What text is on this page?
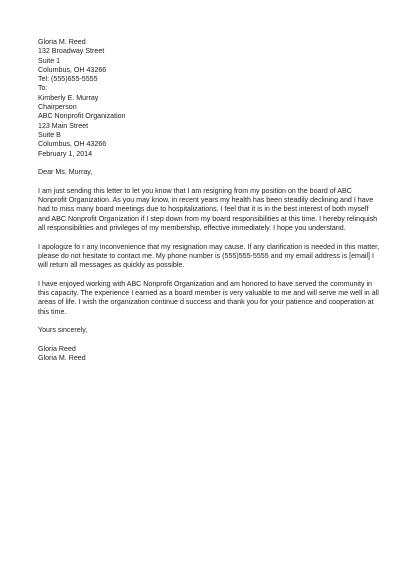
Gloria M. Reed
132 Broadway Street
Suite 1
Columbus, OH 43266
Tel: (555)655-5555
To:
Kimberly E. Murray
Chairperson
ABC Nonprofit Organization
123 Main Street
Suite B
Columbus, OH 43266
February 1, 2014
Dear Ms. Murray,
I am just sending this letter to let you know that I am resigning from my position on the board of ABC
Nonprofit Organization. As you may know, in recent years my health has been steadily declining and I have
had to miss many board meetings due to hospitalizations. I feel that it is in the best interest of both myself
and ABC Nonprofit Organization if I step down from my board responsibilities at this time. I hereby relinquish
all responsibilities and privileges of my membership, effective immediately. I hope you understand.
I apologize fo r any inconvenience that my resignation may cause. If any clarification is needed in this matter,
please do not hesitate to contact me. My phone number is (555)555-5555 and my email address is [email] I
will return all messages as quickly as possible.
I have enjoyed working with ABC Nonprofit Organization and am honored to have served the community in
this capacity. The experience I earned as a board member is very valuable to me and will serve me well in all
areas of life. I wish the organization continue d success and thank you for your patience and cooperation at
this time.
Yours sincerely,
Gloria Reed
Gloria M. Reed
